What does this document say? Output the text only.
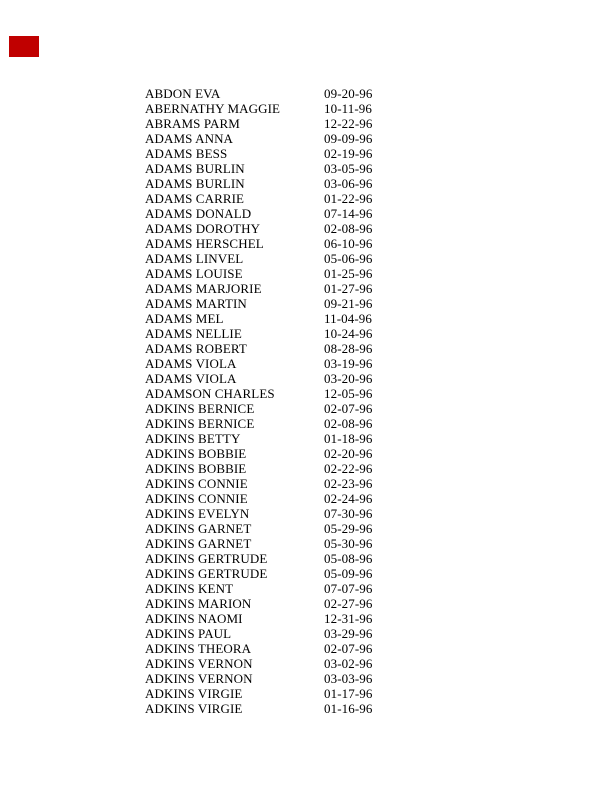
ABDON EVA	09-20-96
ABERNATHY MAGGIE	10-11-96
ABRAMS PARM	12-22-96
ADAMS ANNA	09-09-96
ADAMS BESS	02-19-96
ADAMS BURLIN	03-05-96
ADAMS BURLIN	03-06-96
ADAMS CARRIE	01-22-96
ADAMS DONALD	07-14-96
ADAMS DOROTHY	02-08-96
ADAMS HERSCHEL	06-10-96
ADAMS LINVEL	05-06-96
ADAMS LOUISE	01-25-96
ADAMS MARJORIE	01-27-96
ADAMS MARTIN	09-21-96
ADAMS MEL	11-04-96
ADAMS NELLIE	10-24-96
ADAMS ROBERT	08-28-96
ADAMS VIOLA	03-19-96
ADAMS VIOLA	03-20-96
ADAMSON CHARLES	12-05-96
ADKINS BERNICE	02-07-96
ADKINS BERNICE	02-08-96
ADKINS BETTY	01-18-96
ADKINS BOBBIE	02-20-96
ADKINS BOBBIE	02-22-96
ADKINS CONNIE	02-23-96
ADKINS CONNIE	02-24-96
ADKINS EVELYN	07-30-96
ADKINS GARNET	05-29-96
ADKINS GARNET	05-30-96
ADKINS GERTRUDE	05-08-96
ADKINS GERTRUDE	05-09-96
ADKINS KENT	07-07-96
ADKINS MARION	02-27-96
ADKINS NAOMI	12-31-96
ADKINS PAUL	03-29-96
ADKINS THEORA	02-07-96
ADKINS VERNON	03-02-96
ADKINS VERNON	03-03-96
ADKINS VIRGIE	01-17-96
ADKINS VIRGIE	01-16-96
